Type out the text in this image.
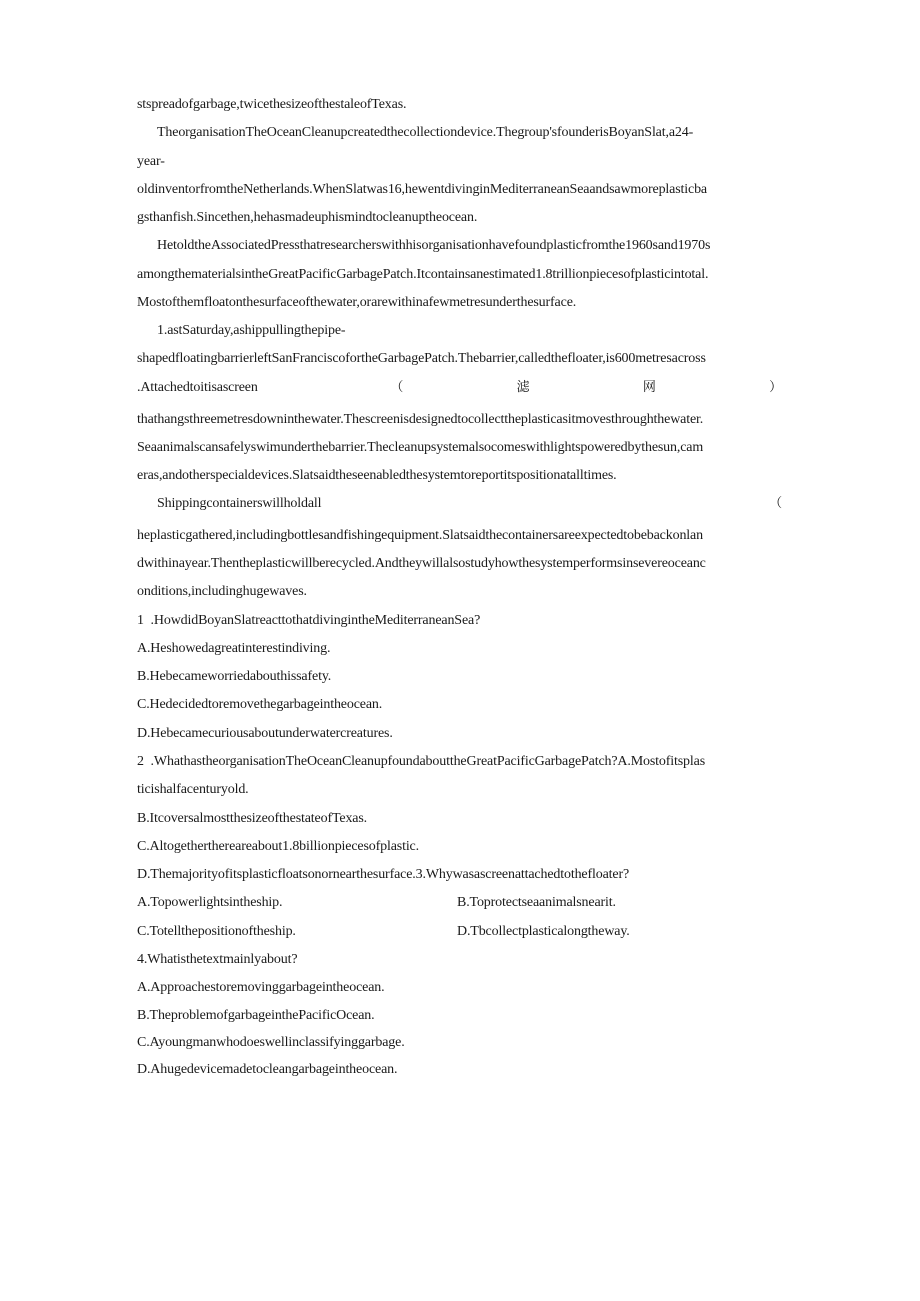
stspreadofgarbage,twicethesizeofthestaleofTexas.
TheorganisationTheOceanCleanupcreatedthecollectiondevice.Thegroup'sfounderisBoyanSlat,a24-
year-
oldinventorfromtheNetherlands.WhenSlatwas16,hewentdivinginMediterraneanSeaandsawmoreplasticba
gsthanfish.Sincethen,hehasmadeuphismindtocleanuptheocean.
HetoldtheAssociatedPressthatresearcherswithhisorganisationhavefoundplasticfromthe1960sand1970s
amongthematerialsintheGreatPacificGarbagePatch.Itcontainsanestimated1.8trillionpiecesofplasticintotal.
Mostofthemfloatonthesurfaceofthewater,orarewithinafewmetresunderthesurface.
1.astSaturday,ashippullingthepipe-
shapedfloatingbarrierleftSanFranciscofortheGarbagePatch.Thebarrier,calledthefloater,is600metresacross
.Attachedtoitisascreen	（	滤	网	）
thathangsthreemetresdowninthewater.Thescreenisdesignedtocollecttheplasticasitmovesthroughthewater.
Seaanimalscansafelyswimunderthebarrier.Thecleanupsystemalsocomeswithlightspoweredbythesun,cam
eras,andotherspecialdevices.Slatsaidtheseenabledthesystemtoreportitspositionatalltimes.
Shippingcontainerswillholdall	（
heplasticgathered,includingbottlesandfishingequipment.Slatsaidthecontainersareexpectedtobebackonlan
dwithinayear.Thentheplasticwillberecycled.Andtheywillalsostudyhowthesystemperformsinsevereoceanc
onditions,includinghugewaves.
1  .HowdidBoyanSlatreacttothatdivingintheMediterraneanSea?
A.Heshowedagreatinterestindiving.
B.Hebecameworriedabouthissafety.
C.Hedecidedtoremovethegarbageintheocean.
D.Hebecamecuriousaboutunderwatercreatures.
2  .WhathastheorganisationTheOceanCleanupfoundabouttheGreatPacificGarbagePatch?A.Mostofitsplas
ticishalfacenturyold.
B.ItcoversalmostthesizeofthestateofTexas.
C.Altogetherthereareabout1.8billionpiecesofplastic.
D.Themajorityofitsplasticfloatsonornearthesurface.3.Whywasascreenattachedtothefloater?
A.Topowerlightsintheship.	B.Toprotectseaanimalsnearit.
C.Totellthepositionoftheship.	D.Tbcollectplasticalongtheway.
4.Whatisthetextmainlyabout?
A.Approachestoremovinggarbageintheocean.
B.TheproblemofgarbageinthePacificOcean.
C.Ayoungmanwhodoeswellinclassifyinggarbage.
D.Ahugedevicemadetocleangarbageintheocean.
